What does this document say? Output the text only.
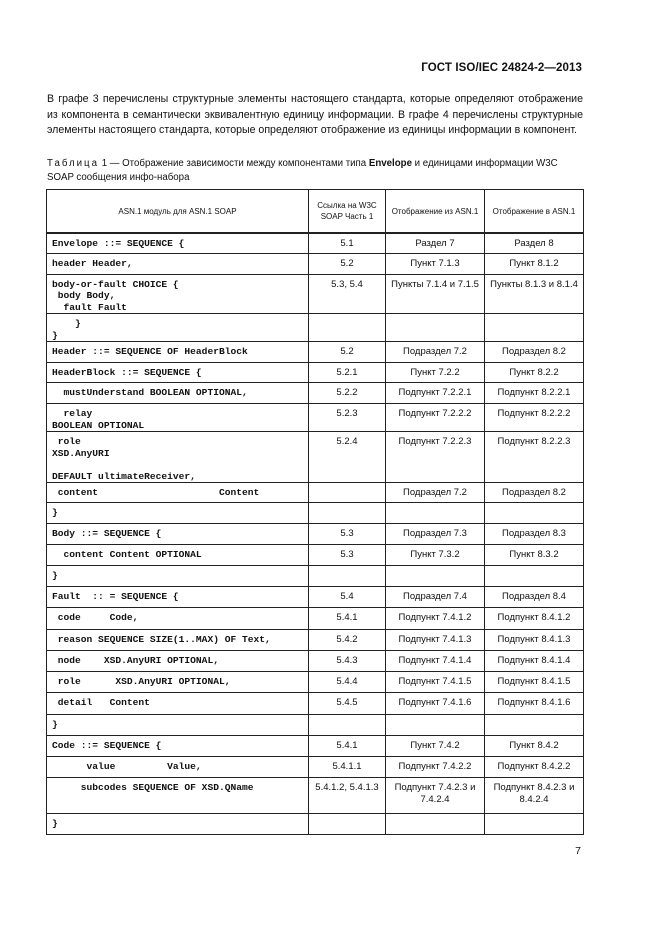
ГОСТ ISO/IEC 24824-2—2013
В графе 3 перечислены структурные элементы настоящего стандарта, которые определяют отображение из компонента в семантически эквивалентную единицу информации. В графе 4 перечислены структурные элементы настоящего стандарта, которые определяют отображение из единицы информации в компонент.
Таблица 1 — Отображение зависимости между компонентами типа Envelope и единицами информации W3C SOAP сообщения инфо-набора
ASN.1 модуль для ASN.1 SOAP	Ссылка на W3C SOAP Часть 1	Отображение из ASN.1	Отображение в ASN.1

Envelope ::= SEQUENCE {	5.1	Раздел 7	Раздел 8

header Header,	5.2	Пункт 7.1.3	Пункт 8.1.2

body-or-fault CHOICE {
body Body,
fault Fault	5.3, 5.4	Пункты 7.1.4 и 7.1.5	Пункты 8.1.3 и 8.1.4

}
}			

Header ::= SEQUENCE OF HeaderBlock	5.2	Подраздел 7.2	Подраздел 8.2

HeaderBlock ::= SEQUENCE {	5.2.1	Пункт 7.2.2	Пункт 8.2.2

mustUnderstand BOOLEAN OPTIONAL,	5.2.2	Подпункт 7.2.2.1	Подпункт 8.2.2.1

relay
BOOLEAN OPTIONAL	5.2.3	Подпункт 7.2.2.2	Подпункт 8.2.2.2

role
XSD.AnyURI
DEFAULT ultimateReceiver,	5.2.4	Подпункт 7.2.2.3	Подпункт 8.2.2.3

content                     Content		Подраздел 7.2	Подраздел 8.2

}			

Body ::= SEQUENCE {	5.3	Подраздел 7.3	Подраздел 8.3

content Content OPTIONAL	5.3	Пункт 7.3.2	Пункт 8.3.2

}			

Fault  :: = SEQUENCE {	5.4	Подраздел 7.4	Подраздел 8.4

code     Code,	5.4.1	Подпункт 7.4.1.2	Подпункт 8.4.1.2

reason SEQUENCE SIZE(1..MAX) OF Text,	5.4.2	Подпункт 7.4.1.3	Подпункт 8.4.1.3

node    XSD.AnyURI OPTIONAL,	5.4.3	Подпункт 7.4.1.4	Подпункт 8.4.1.4

role      XSD.AnyURI OPTIONAL,	5.4.4	Подпункт 7.4.1.5	Подпункт 8.4.1.5

detail   Content	5.4.5	Подпункт 7.4.1.6	Подпункт 8.4.1.6

}			

Code ::= SEQUENCE {	5.4.1	Пункт 7.4.2	Пункт 8.4.2

value         Value,	5.4.1.1	Подпункт 7.4.2.2	Подпункт 8.4.2.2

subcodes SEQUENCE OF XSD.QName	5.4.1.2, 5.4.1.3	Подпункт 7.4.2.3 и 7.4.2.4	Подпункт 8.4.2.3 и 8.4.2.4

}			

7
